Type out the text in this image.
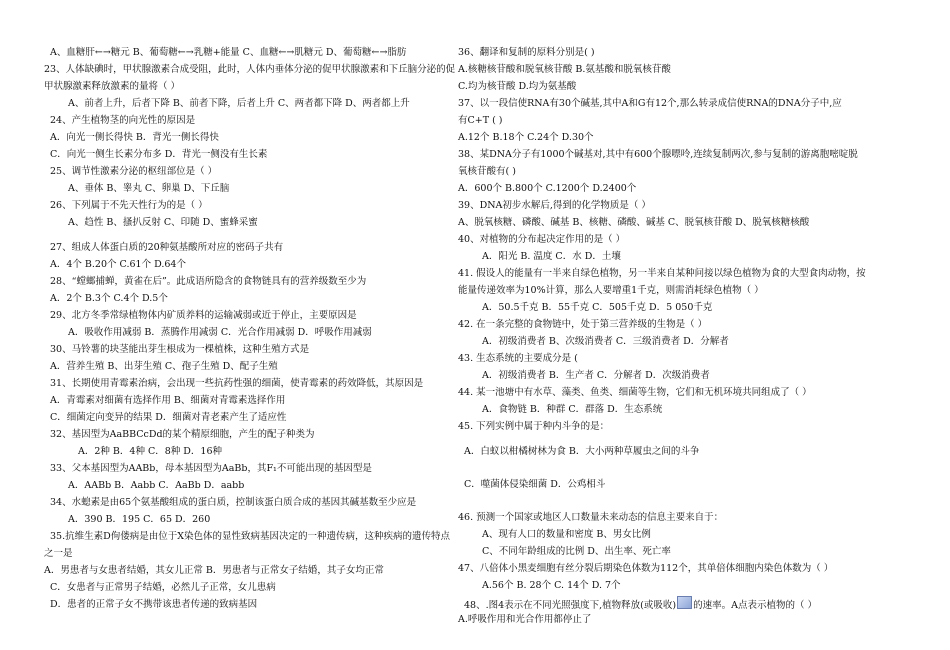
A、血糖肝←→糖元 B、葡萄糖←→乳糖+能量 C、血糖←→肌糖元 D、葡萄糖←→脂肪
23、人体缺碘时，甲状腺激素合成受阻，此时，人体内垂体分泌的促甲状腺激素和下丘脑分泌的促
甲状腺激素释放激素的量将（ ）
A、前者上升，后者下降 B、前者下降，后者上升 C、两者都下降 D、两者都上升
24、产生植物茎的向光性的原因是
A．向光一侧长得快 B．背光一侧长得快
C．向光一侧生长素分布多 D．背光一侧没有生长素
25、调节性激素分泌的枢纽部位是（ ）
A、垂体 B、睾丸 C、卵巢 D、下丘脑
26、下列属于不先天性行为的是（ ）
A、趋性 B、搔扒反射 C、印随 D、蜜蜂采蜜
27、组成人体蛋白质的20种氨基酸所对应的密码子共有
A．4个 B.20个 C.61个 D.64个
28、“螳螂捕蝉，黄雀在后”。此成语所隐含的食物链具有的营养级数至少为
A．2个 B.3个 C.4个 D.5个
29、北方冬季常绿植物体内矿质养料的运输减弱或近于停止，主要原因是
A．吸收作用减弱 B．蒸腾作用减弱 C．光合作用减弱 D．呼吸作用减弱
30、马铃薯的块茎能出芽生根成为一棵植株，这种生殖方式是
A．营养生殖 B、出芽生殖 C、孢子生殖 D、配子生殖
31、长期使用青霉素治病，会出现一些抗药性强的细菌，使青霉素的药效降低，其原因是
A．青霉素对细菌有选择作用 B、细菌对青霉素选择作用
C．细菌定向变异的结果 D．细菌对青老素产生了适应性
32、基因型为AaBBCcDd的某个精原细胞，产生的配子种类为
A．2种 B．4种 C．8种 D．16种
33、父本基因型为AABb，母本基因型为AaBb，其F₁不可能出现的基因型是
A．AABb B．Aabb C．AaBb D．aabb
34、水螅素是由65个氨基酸组成的蛋白质，控制该蛋白质合成的基因其碱基数至少应是
A．390 B．195 C．65 D．260
35.抗维生素D佝偻病是由位于X染色体的显性致病基因决定的一种遗传病，这种疾病的遗传特点
之一是
A．男患者与女患者结婚，其女儿正常 B．男患者与正常女子结婚，其子女均正常
C．女患者与正常男子结婚，必然儿子正常，女儿患病
D．患者的正常子女不携带该患者传递的致病基因
36、翻译和复制的原料分别是( )
A.核糖核苷酸和脱氧核苷酸 B.氨基酸和脱氧核苷酸
C.均为核苷酸 D.均为氨基酸
37、以一段信使RNA有30个碱基,其中A和G有12个,那么转录成信使RNA的DNA分子中,应
有C+T ( )
A.12个 B.18个 C.24个 D.30个
38、某DNA分子有1000个碱基对,其中有600个腺嘌呤,连续复制两次,参与复制的游离胞嘧啶脱
氧核苷酸有( )
A．600个 B.800个 C.1200个 D.2400个
39、DNA初步水解后,得到的化学物质是（ ）
A、脱氧核糖、磷酸、碱基 B、核糖、磷酸、碱基 C、脱氧核苷酸 D、脱氧核糖核酸
40、对植物的分布起决定作用的是（ ）
A．阳光 B. 温度 C．水 D．土壤
41. 假设人的能量有一半来自绿色植物，另一半来自某种问接以绿色植物为食的大型食肉动物，按
能量传递效率为10%计算，那么人要增重1千克，则需消耗绿色植物（ ）
A．50.5千克 B．55千克 C．505千克 D．5 050千克
42. 在一条完整的食物链中，处于第三营养级的生物是（ ）
A．初级消费者 B、次级消费者 C．三级消费者 D．分解者
43. 生态系统的主要成分是 (
A．初级消费者 B．生产者 C．分解者 D．次级消费者
44. 某一池塘中有水草、藻类、鱼类、细菌等生物，它们和无机环境共同组成了（ ）
A．食物链 B．种群 C．群落 D．生态系统
45. 下列实例中属于种内斗争的是：
A．白蚁以柑橘树林为食 B．大小两种草履虫之间的斗争
C．噬菌体侵染细菌 D．公鸡相斗
46. 预测一个国家或地区人口数量未来动态的信息主要来自于：
A、现有人口的数量和密度 B、男女比例
C、不同年龄组成的比例 D、出生率、死亡率
47、八倍体小黑麦细胞有丝分裂后期染色体数为112个，其单倍体细胞内染色体数为（ ）
A.56个 B. 28个 C. 14个 D. 7个
48、.图4表示在不同光照强度下,植物释放(或吸收) 的速率。A点表示植物的（ ）
A.呼吸作用和光合作用都停止了
